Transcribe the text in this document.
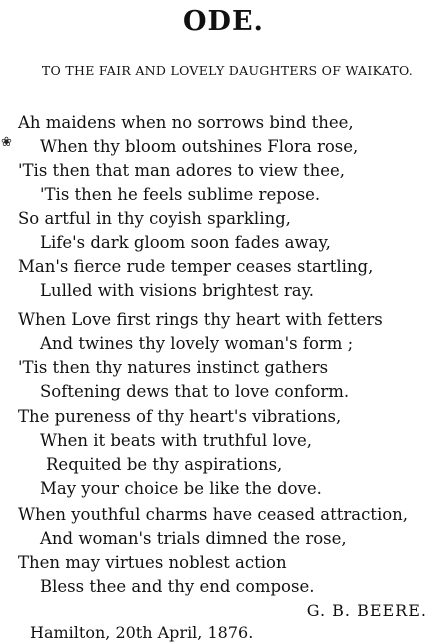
ODE.
TO THE FAIR AND LOVELY DAUGHTERS OF WAIKATO.
❀
Ah maidens when no sorrows bind thee,
When thy bloom outshines Flora rose,
'Tis then that man adores to view thee,
'Tis then he feels sublime repose.
So artful in thy coyish sparkling,
Life's dark gloom soon fades away,
Man's fierce rude temper ceases startling,
Lulled with visions brightest ray.
When Love first rings thy heart with fetters
And twines thy lovely woman's form ;
'Tis then thy natures instinct gathers
Softening dews that to love conform.
The pureness of thy heart's vibrations,
When it beats with truthful love,
Requited be thy aspirations,
May your choice be like the dove.
When youthful charms have ceased attraction,
And woman's trials dimned the rose,
Then may virtues noblest action
Bless thee and thy end compose.
G. B. BEERE.
Hamilton, 20th April, 1876.
